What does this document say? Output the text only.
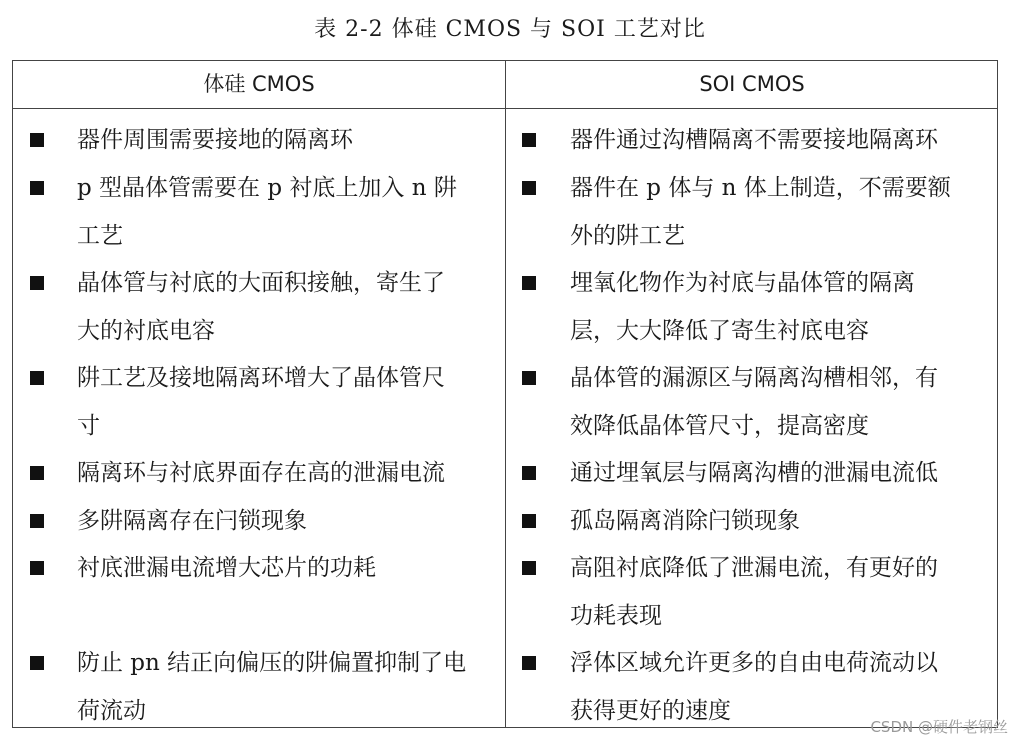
表 2-2 体硅 CMOS 与 SOI 工艺对比
体硅 CMOS	SOI CMOS
器件周围需要接地的隔离环
p 型晶体管需要在 p 衬底上加入 n 阱
工艺
晶体管与衬底的大面积接触，寄生了
大的衬底电容
阱工艺及接地隔离环增大了晶体管尺
寸
隔离环与衬底界面存在高的泄漏电流
多阱隔离存在闩锁现象
衬底泄漏电流增大芯片的功耗
防止 pn 结正向偏压的阱偏置抑制了电
荷流动
器件通过沟槽隔离不需要接地隔离环
器件在 p 体与 n 体上制造，不需要额
外的阱工艺
埋氧化物作为衬底与晶体管的隔离
层，大大降低了寄生衬底电容
晶体管的漏源区与隔离沟槽相邻，有
效降低晶体管尺寸，提高密度
通过埋氧层与隔离沟槽的泄漏电流低
孤岛隔离消除闩锁现象
高阻衬底降低了泄漏电流，有更好的
功耗表现
浮体区域允许更多的自由电荷流动以
获得更好的速度
CSDN @硬件老钢丝
